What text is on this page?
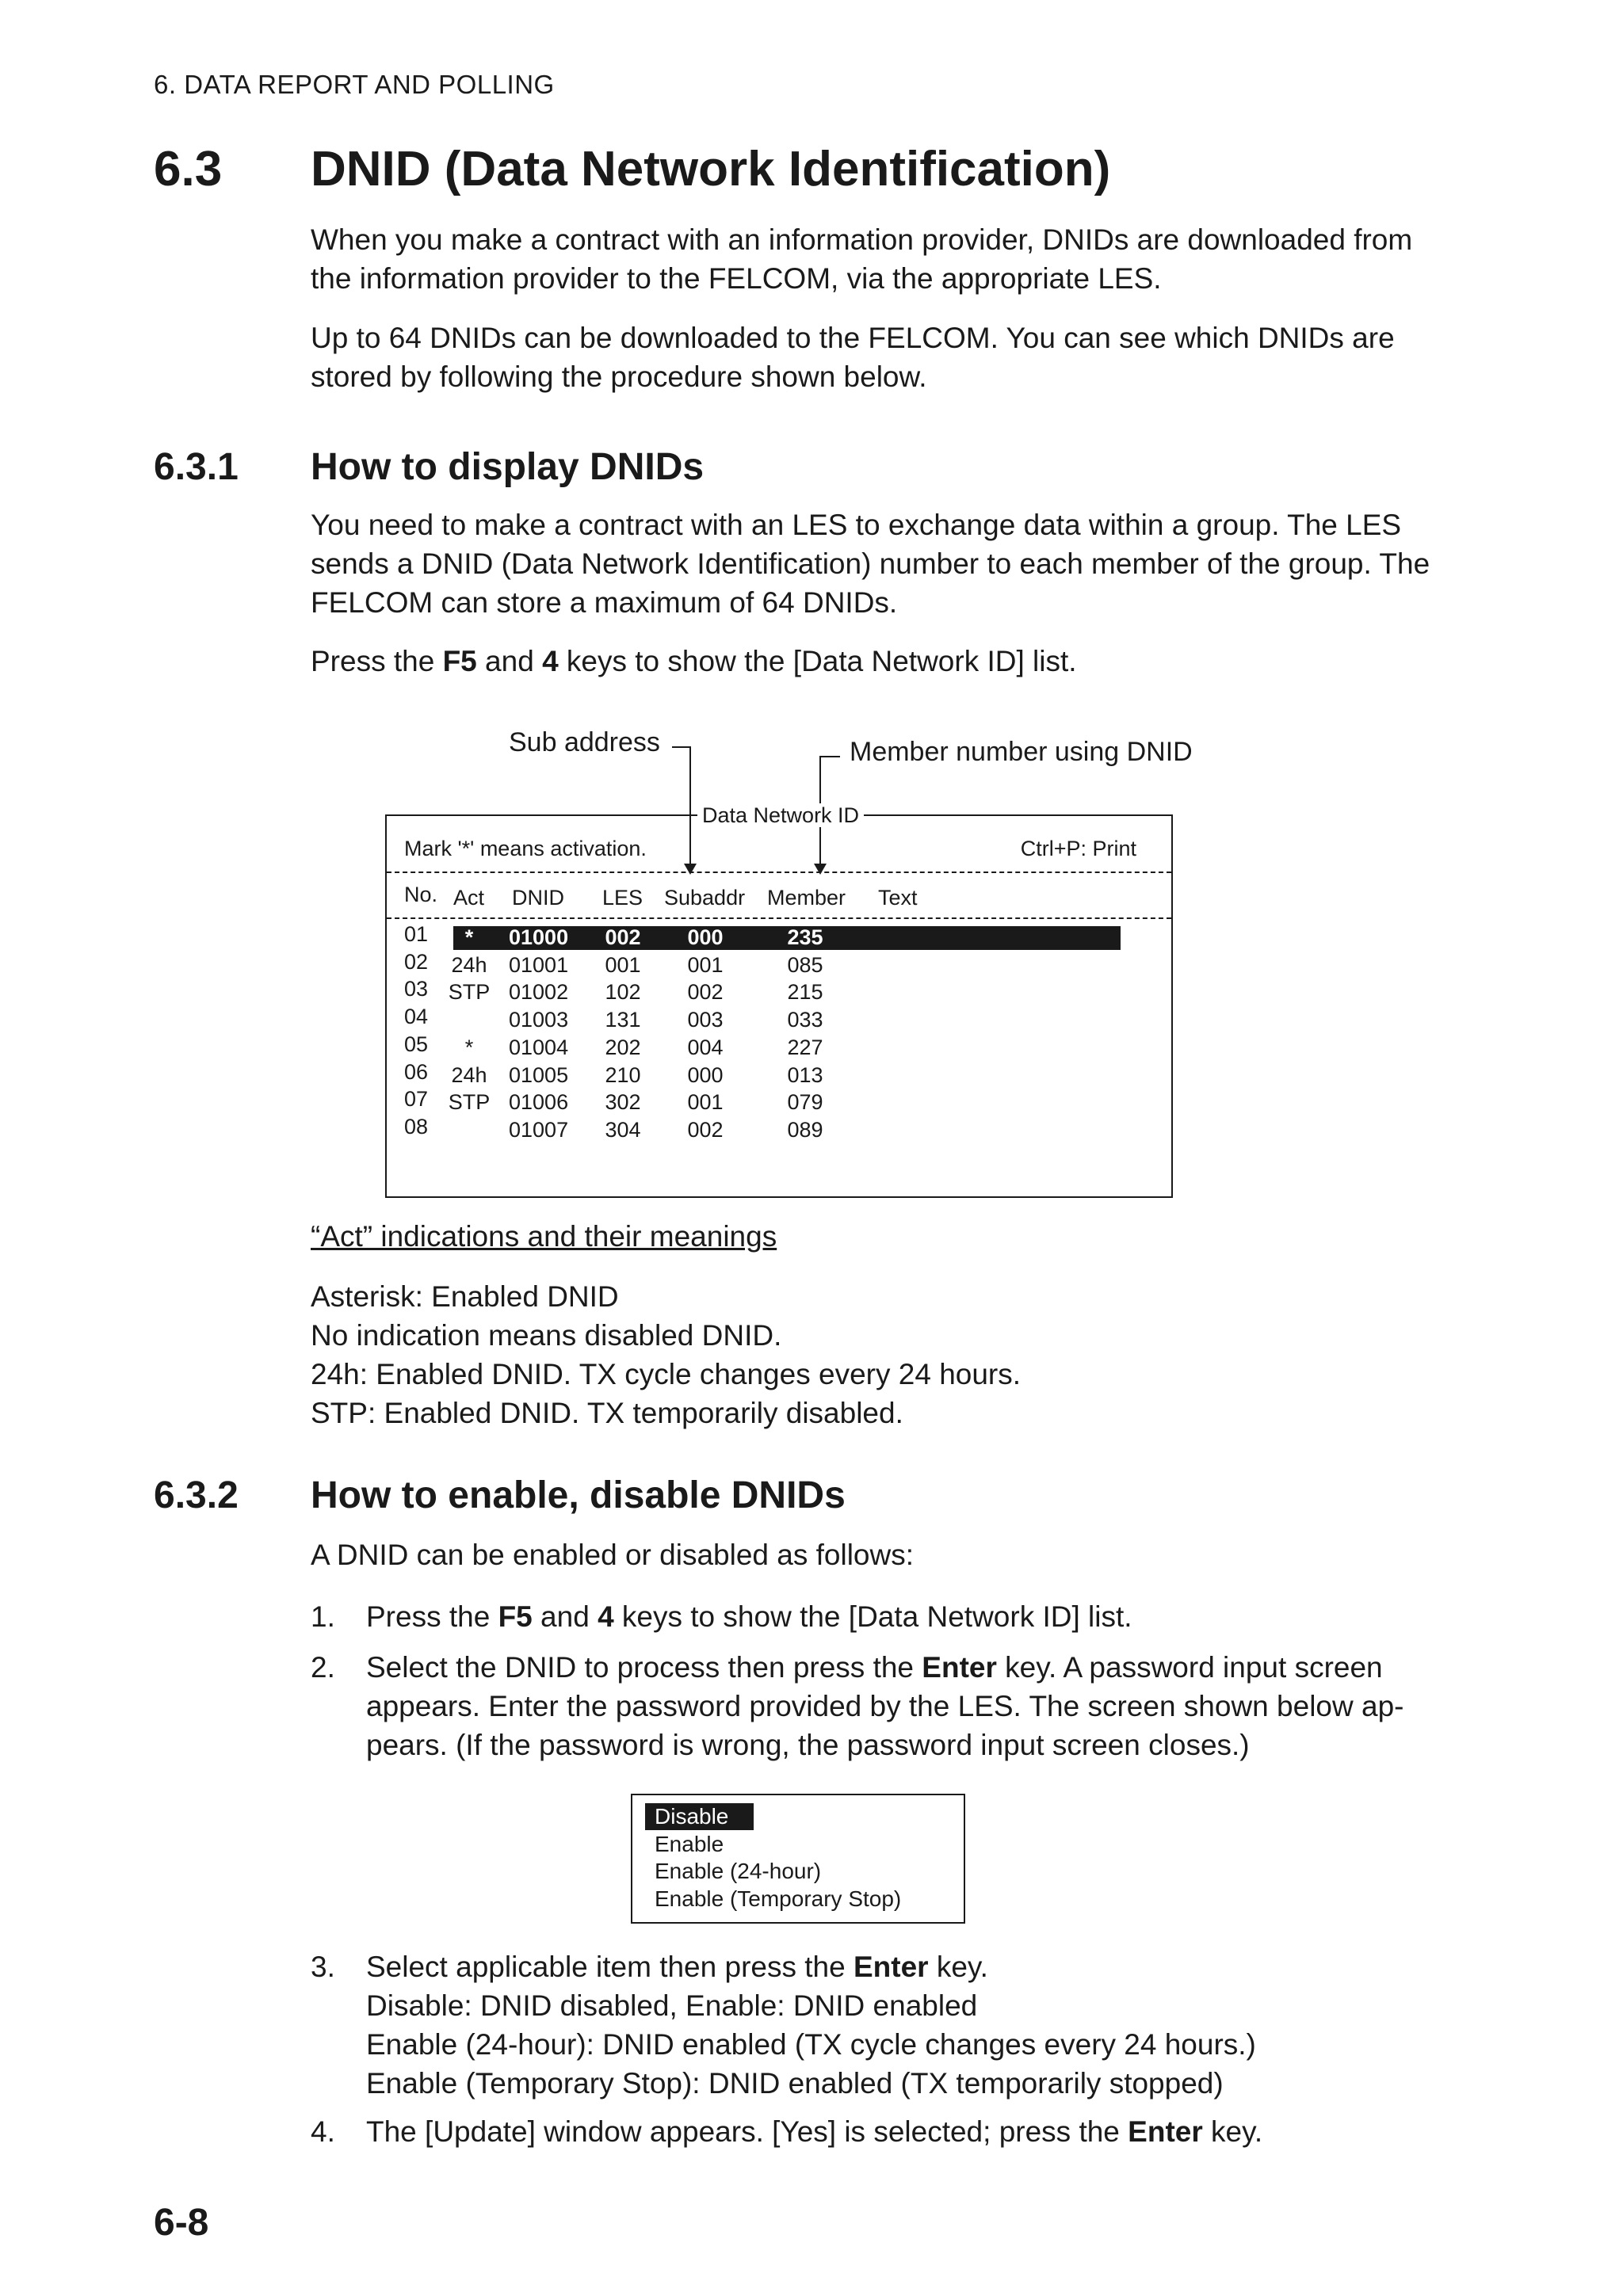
6. DATA REPORT AND POLLING
6.3 DNID (Data Network Identification)

When you make a contract with an information provider, DNIDs are downloaded from the information provider to the FELCOM, via the appropriate LES.

Up to 64 DNIDs can be downloaded to the FELCOM. You can see which DNIDs are stored by following the procedure shown below.

6.3.1 How to display DNIDs

You need to make a contract with an LES to exchange data within a group. The LES sends a DNID (Data Network Identification) number to each member of the group. The FELCOM can store a maximum of 64 DNIDs.

Press the F5 and 4 keys to show the [Data Network ID] list.

Sub address	Member number using DNID
Data Network ID
Mark '*' means activation.	Ctrl+P: Print
No. Act DNID LES Subaddr Member Text
01 * 01000 002 000	235
02 24h 01001 001 001	085
03 STP 01002 102 002	215
04	01003 131 003	033
05 * 01004 202 004	227
06 24h 01005 210 000	013
07 STP 01006 302 001	079
08	01007 304 002	089

“Act” indications and their meanings

Asterisk: Enabled DNID
No indication means disabled DNID.
24h: Enabled DNID. TX cycle changes every 24 hours.
STP: Enabled DNID. TX temporarily disabled.

6.3.2 How to enable, disable DNIDs

A DNID can be enabled or disabled as follows:

1. Press the F5 and 4 keys to show the [Data Network ID] list.

2. Select the DNID to process then press the Enter key. A password input screen appears. Enter the password provided by the LES. The screen shown below ap-pears. (If the password is wrong, the password input screen closes.)

Disable
Enable
Enable (24-hour)
Enable (Temporary Stop)
3. Select applicable item then press the Enter key.
Disable: DNID disabled, Enable: DNID enabled
Enable (24-hour): DNID enabled (TX cycle changes every 24 hours.)
Enable (Temporary Stop): DNID enabled (TX temporarily stopped)

4. The [Update] window appears. [Yes] is selected; press the Enter key.

6-8
